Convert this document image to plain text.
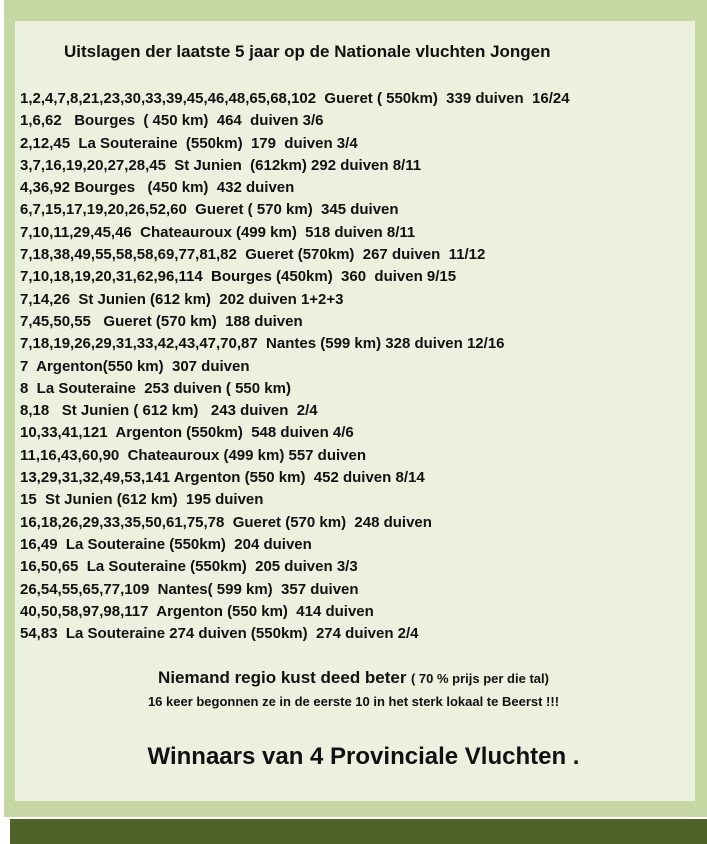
Uitslagen der laatste 5 jaar op de Nationale vluchten Jongen
1,2,4,7,8,21,23,30,33,39,45,46,48,65,68,102  Gueret ( 550km)  339 duiven  16/24
1,6,62   Bourges  ( 450 km)  464  duiven 3/6
2,12,45  La Souteraine  (550km)  179  duiven 3/4
3,7,16,19,20,27,28,45  St Junien  (612km) 292 duiven 8/11
4,36,92 Bourges   (450 km)  432 duiven
6,7,15,17,19,20,26,52,60  Gueret ( 570 km)  345 duiven
7,10,11,29,45,46  Chateauroux (499 km)  518 duiven 8/11
7,18,38,49,55,58,58,69,77,81,82  Gueret (570km)  267 duiven  11/12
7,10,18,19,20,31,62,96,114  Bourges (450km)  360  duiven 9/15
7,14,26  St Junien (612 km)  202 duiven 1+2+3
7,45,50,55   Gueret (570 km)  188 duiven
7,18,19,26,29,31,33,42,43,47,70,87  Nantes (599 km) 328 duiven 12/16
7  Argenton(550 km)  307 duiven
8  La Souteraine  253 duiven ( 550 km)
8,18   St Junien ( 612 km)   243 duiven  2/4
10,33,41,121  Argenton (550km)  548 duiven 4/6
11,16,43,60,90  Chateauroux (499 km) 557 duiven
13,29,31,32,49,53,141 Argenton (550 km)  452 duiven 8/14
15  St Junien (612 km)  195 duiven
16,18,26,29,33,35,50,61,75,78  Gueret (570 km)  248 duiven
16,49  La Souteraine (550km)  204 duiven
16,50,65  La Souteraine (550km)  205 duiven 3/3
26,54,55,65,77,109  Nantes( 599 km)  357 duiven
40,50,58,97,98,117  Argenton (550 km)  414 duiven
54,83  La Souteraine 274 duiven (550km)  274 duiven 2/4
Niemand regio kust deed beter ( 70 % prijs per die tal)
16 keer begonnen ze in de eerste 10 in het sterk lokaal te Beerst !!!
Winnaars van 4 Provinciale Vluchten .
